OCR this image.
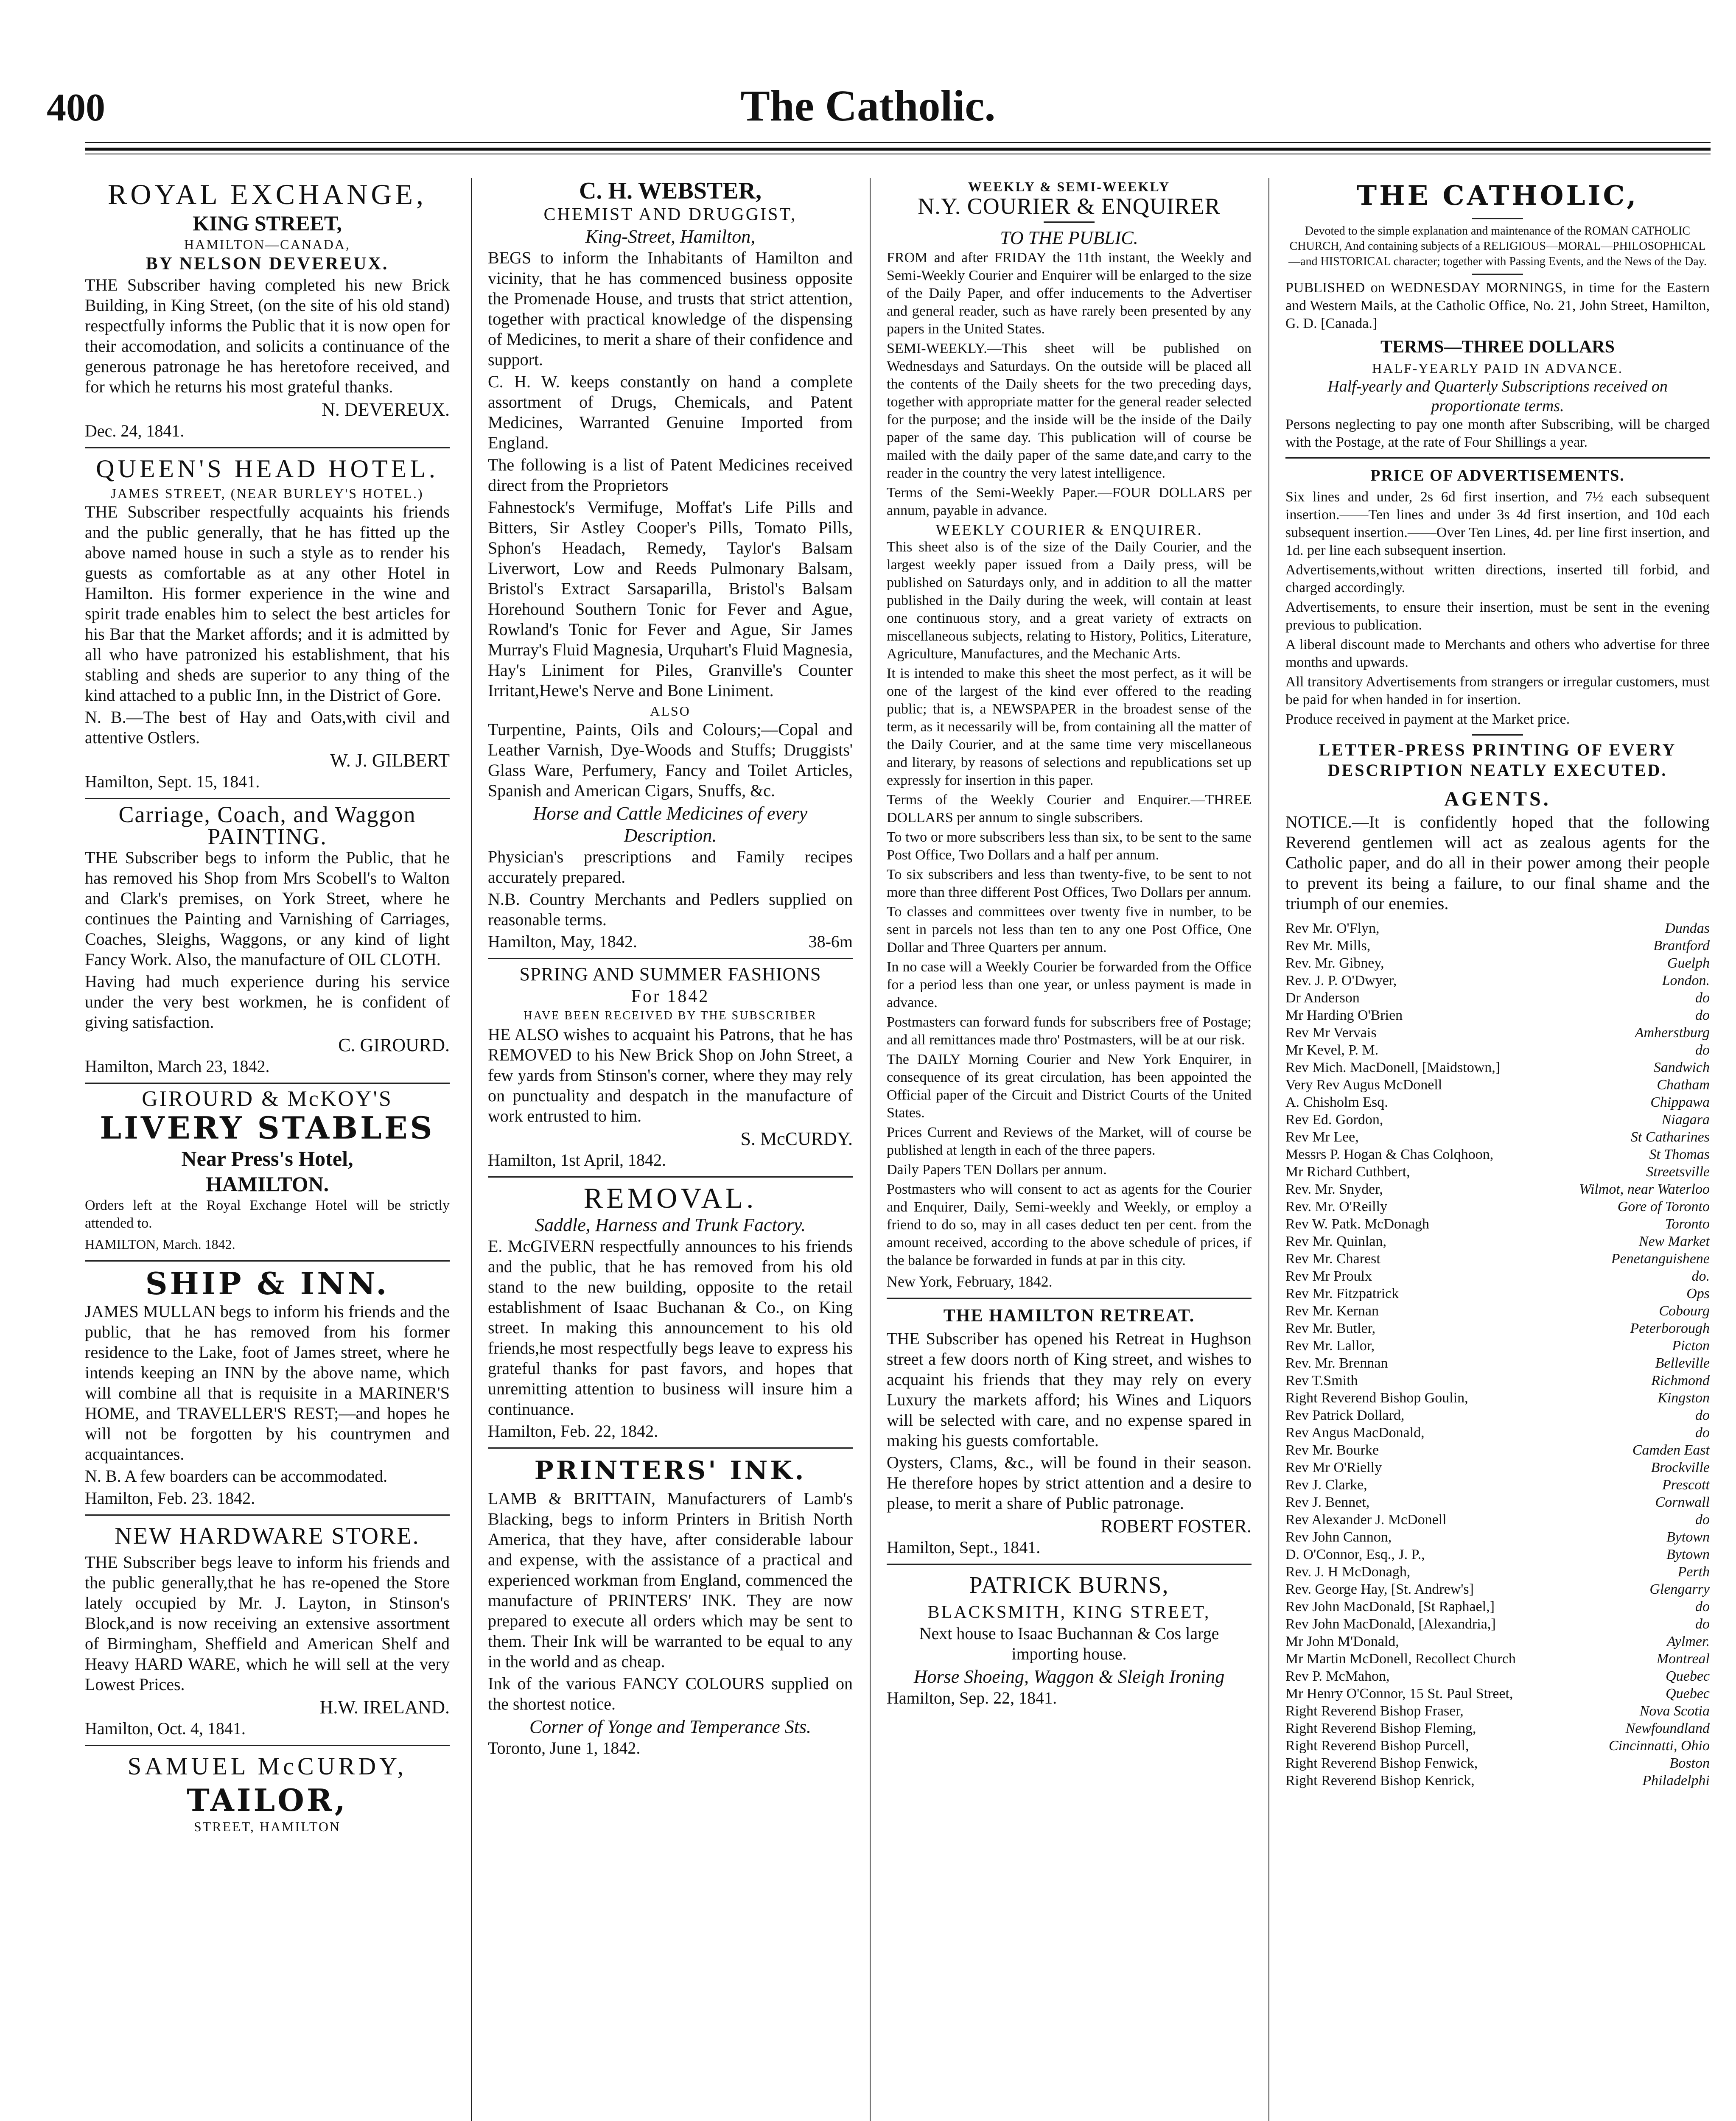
400	The Catholic.
ROYAL EXCHANGE,
KING STREET,
HAMILTON—CANADA,
BY NELSON DEVEREUX.

THE Subscriber having completed his new Brick Building, in King Street, (on the site of his old stand) respectfully informs the Public that it is now open for their accomodation, and solicits a continuance of the generous patronage he has heretofore received, and for which he returns his most grateful thanks.

N. DEVEREUX.
Dec. 24, 1841.
QUEEN'S HEAD HOTEL.
JAMES STREET, (NEAR BURLEY'S HOTEL.)

THE Subscriber respectfully acquaints his friends and the public generally, that he has fitted up the above named house in such a style as to render his guests as comfortable as at any other Hotel in Hamilton. His former experience in the wine and spirit trade enables him to select the best articles for his Bar that the Market affords; and it is admitted by all who have patronized his establishment, that his stabling and sheds are superior to any thing of the kind attached to a public Inn, in the District of Gore.

N. B.—The best of Hay and Oats,with civil and attentive Ostlers.

W. J. GILBERT
Hamilton, Sept. 15, 1841.
Carriage, Coach, and Waggon PAINTING.

THE Subscriber begs to inform the Public, that he has removed his Shop from Mrs Scobell's to Walton and Clark's premises, on York Street, where he continues the Painting and Varnishing of Carriages, Coaches, Sleighs, Waggons, or any kind of light Fancy Work. Also, the manufacture of OIL CLOTH.

Having had much experience during his service under the very best workmen, he is confident of giving satisfaction.

C. GIROURD.
Hamilton, March 23, 1842.
GIROURD & McKOY'S
LIVERY STABLES
Near Press's Hotel,
HAMILTON.

Orders left at the Royal Exchange Hotel will be strictly attended to.

HAMILTON, March. 1842.
SHIP & INN.

JAMES MULLAN begs to inform his friends and the public, that he has removed from his former residence to the Lake, foot of James street, where he intends keeping an INN by the above name, which will combine all that is requisite in a MARINER'S HOME, and TRAVELLER'S REST;—and hopes he will not be forgotten by his countrymen and acquaintances.

N. B. A few boarders can be accommodated.

Hamilton, Feb. 23. 1842.
NEW HARDWARE STORE.

THE Subscriber begs leave to inform his friends and the public generally,that he has re-opened the Store lately occupied by Mr. J. Layton, in Stinson's Block,and is now receiving an extensive assortment of Birmingham, Sheffield and American Shelf and Heavy HARD WARE, which he will sell at the very Lowest Prices.

H.W. IRELAND.
Hamilton, Oct. 4, 1841.
SAMUEL McCURDY,
TAILOR,
STREET, HAMILTON
C. H. WEBSTER,
CHEMIST AND DRUGGIST,
King-Street, Hamilton,

BEGS to inform the Inhabitants of Hamilton and vicinity, that he has commenced business opposite the Promenade House, and trusts that strict attention, together with practical knowledge of the dispensing of Medicines, to merit a share of their confidence and support.

C. H. W. keeps constantly on hand a complete assortment of Drugs, Chemicals, and Patent Medicines, Warranted Genuine Imported from England.

The following is a list of Patent Medicines received direct from the Proprietors

Fahnestock's Vermifuge, Moffat's Life Pills and Bitters, Sir Astley Cooper's Pills, Tomato Pills, Sphon's Headach, Remedy, Taylor's Balsam Liverwort, Low and Reeds Pulmonary Balsam, Bristol's Extract Sarsaparilla, Bristol's Balsam Horehound Southern Tonic for Fever and Ague, Rowland's Tonic for Fever and Ague, Sir James Murray's Fluid Magnesia, Urquhart's Fluid Magnesia, Hay's Liniment for Piles, Granville's Counter Irritant,Hewe's Nerve and Bone Liniment.

ALSO

Turpentine, Paints, Oils and Colours;—Copal and Leather Varnish, Dye-Woods and Stuffs; Druggists' Glass Ware, Perfumery, Fancy and Toilet Articles, Spanish and American Cigars, Snuffs, &c.

Horse and Cattle Medicines of every Description.

Physician's prescriptions and Family recipes accurately prepared.

N.B. Country Merchants and Pedlers supplied on reasonable terms.

Hamilton, May, 1842.	38-6m
SPRING AND SUMMER FASHIONS
For 1842
HAVE BEEN RECEIVED BY THE SUBSCRIBER

HE ALSO wishes to acquaint his Patrons, that he has REMOVED to his New Brick Shop on John Street, a few yards from Stinson's corner, where they may rely on punctuality and despatch in the manufacture of work entrusted to him.

S. McCURDY.
Hamilton, 1st April, 1842.
REMOVAL.
Saddle, Harness and Trunk Factory.

E. McGIVERN respectfully announces to his friends and the public, that he has removed from his old stand to the new building, opposite to the retail establishment of Isaac Buchanan & Co., on King street. In making this announcement to his old friends,he most respectfully begs leave to express his grateful thanks for past favors, and hopes that unremitting attention to business will insure him a continuance.

Hamilton, Feb. 22, 1842.
PRINTERS' INK.

LAMB & BRITTAIN, Manufacturers of Lamb's Blacking, begs to inform Printers in British North America, that they have, after considerable labour and expense, with the assistance of a practical and experienced workman from England, commenced the manufacture of PRINTERS' INK. They are now prepared to execute all orders which may be sent to them. Their Ink will be warranted to be equal to any in the world and as cheap.

Ink of the various FANCY COLOURS supplied on the shortest notice.

Corner of Yonge and Temperance Sts.
Toronto, June 1, 1842.
WEEKLY & SEMI-WEEKLY
N.Y. COURIER & ENQUIRER
TO THE PUBLIC.

FROM and after FRIDAY the 11th instant, the Weekly and Semi-Weekly Courier and Enquirer will be enlarged to the size of the Daily Paper, and offer inducements to the Advertiser and general reader, such as have rarely been presented by any papers in the United States.

SEMI-WEEKLY.—This sheet will be published on Wednesdays and Saturdays. On the outside will be placed all the contents of the Daily sheets for the two preceding days, together with appropriate matter for the general reader selected for the purpose; and the inside will be the inside of the Daily paper of the same day. This publication will of course be mailed with the daily paper of the same date,and carry to the reader in the country the very latest intelligence.

Terms of the Semi-Weekly Paper.—FOUR DOLLARS per annum, payable in advance.

WEEKLY COURIER & ENQUIRER.

This sheet also is of the size of the Daily Courier, and the largest weekly paper issued from a Daily press, will be published on Saturdays only, and in addition to all the matter published in the Daily during the week, will contain at least one continuous story, and a great variety of extracts on miscellaneous subjects, relating to History, Politics, Literature, Agriculture, Manufactures, and the Mechanic Arts.

It is intended to make this sheet the most perfect, as it will be one of the largest of the kind ever offered to the reading public; that is, a NEWSPAPER in the broadest sense of the term, as it necessarily will be, from containing all the matter of the Daily Courier, and at the same time very miscellaneous and literary, by reasons of selections and republications set up expressly for insertion in this paper.

Terms of the Weekly Courier and Enquirer.—THREE DOLLARS per annum to single subscribers.

To two or more subscribers less than six, to be sent to the same Post Office, Two Dollars and a half per annum.

To six subscribers and less than twenty-five, to be sent to not more than three different Post Offices, Two Dollars per annum.

To classes and committees over twenty five in number, to be sent in parcels not less than ten to any one Post Office, One Dollar and Three Quarters per annum.

In no case will a Weekly Courier be forwarded from the Office for a period less than one year, or unless payment is made in advance.

Postmasters can forward funds for subscribers free of Postage; and all remittances made thro' Postmasters, will be at our risk.

The DAILY Morning Courier and New York Enquirer, in consequence of its great circulation, has been appointed the Official paper of the Circuit and District Courts of the United States.

Prices Current and Reviews of the Market, will of course be published at length in each of the three papers.

Daily Papers TEN Dollars per annum.

Postmasters who will consent to act as agents for the Courier and Enquirer, Daily, Semi-weekly and Weekly, or employ a friend to do so, may in all cases deduct ten per cent. from the amount received, according to the above schedule of prices, if the balance be forwarded in funds at par in this city.

New York, February, 1842.
THE HAMILTON RETREAT.

THE Subscriber has opened his Retreat in Hughson street a few doors north of King street, and wishes to acquaint his friends that they may rely on every Luxury the markets afford; his Wines and Liquors will be selected with care, and no expense spared in making his guests comfortable.

Oysters, Clams, &c., will be found in their season. He therefore hopes by strict attention and a desire to please, to merit a share of Public patronage.

ROBERT FOSTER.
Hamilton, Sept., 1841.
PATRICK BURNS,
BLACKSMITH, KING STREET,

Next house to Isaac Buchannan & Cos large importing house.

Horse Shoeing, Waggon & Sleigh Ironing
Hamilton, Sep. 22, 1841.
THE CATHOLIC,

Devoted to the simple explanation and maintenance of the ROMAN CATHOLIC CHURCH, And containing subjects of a RELIGIOUS—MORAL—PHILOSOPHICAL—and HISTORICAL character; together with Passing Events, and the News of the Day.

PUBLISHED on WEDNESDAY MORNINGS, in time for the Eastern and Western Mails, at the Catholic Office, No. 21, John Street, Hamilton, G. D. [Canada.]

TERMS—THREE DOLLARS
HALF-YEARLY PAID IN ADVANCE.
Half-yearly and Quarterly Subscriptions received on proportionate terms.

Persons neglecting to pay one month after Subscribing, will be charged with the Postage, at the rate of Four Shillings a year.

PRICE OF ADVERTISEMENTS.

Six lines and under, 2s 6d first insertion, and 7½ each subsequent insertion.——Ten lines and under 3s 4d first insertion, and 10d each subsequent insertion.——Over Ten Lines, 4d. per line first insertion, and 1d. per line each subsequent insertion.

Advertisements,without written directions, inserted till forbid, and charged accordingly.

Advertisements, to ensure their insertion, must be sent in the evening previous to publication.

A liberal discount made to Merchants and others who advertise for three months and upwards.

All transitory Advertisements from strangers or irregular customers, must be paid for when handed in for insertion.

Produce received in payment at the Market price.

LETTER-PRESS PRINTING OF EVERY DESCRIPTION NEATLY EXECUTED.
AGENTS.

NOTICE.—It is confidently hoped that the following Reverend gentlemen will act as zealous agents for the Catholic paper, and do all in their power among their people to prevent its being a failure, to our final shame and the triumph of our enemies.

Rev Mr. O'Flyn,	Dundas
Rev Mr. Mills,	Brantford
Rev. Mr. Gibney,	Guelph
Rev. J. P. O'Dwyer,	London.
Dr Anderson	do
Mr Harding O'Brien	do
Rev Mr Vervais	Amherstburg
Mr Kevel, P. M.	do
Rev Mich. MacDonell, [Maidstown,]	Sandwich
Very Rev Augus McDonell	Chatham
A. Chisholm Esq.	Chippawa
Rev Ed. Gordon,	Niagara
Rev Mr Lee,	St Catharines
Messrs P. Hogan & Chas Colqhoon,	St Thomas
Mr Richard Cuthbert,	Streetsville
Rev. Mr. Snyder,	Wilmot, near Waterloo
Rev. Mr. O'Reilly	Gore of Toronto
Rev W. Patk. McDonagh	Toronto
Rev Mr. Quinlan,	New Market
Rev Mr. Charest	Penetanguishene
Rev Mr Proulx	do.
Rev Mr. Fitzpatrick	Ops
Rev Mr. Kernan	Cobourg
Rev Mr. Butler,	Peterborough
Rev Mr. Lallor,	Picton
Rev. Mr. Brennan	Belleville
Rev T.Smith	Richmond
Right Reverend Bishop Goulin,	Kingston
Rev Patrick Dollard,	do
Rev Angus MacDonald,	do
Rev Mr. Bourke	Camden East
Rev Mr O'Rielly	Brockville
Rev J. Clarke,	Prescott
Rev J. Bennet,	Cornwall
Rev Alexander J. McDonell	do
Rev John Cannon,	Bytown
D. O'Connor, Esq., J. P.,	Bytown
Rev. J. H McDonagh,	Perth
Rev. George Hay, [St. Andrew's]	Glengarry
Rev John MacDonald, [St Raphael,]	do
Rev John MacDonald, [Alexandria,]	do
Mr John M'Donald,	Aylmer.
Mr Martin McDonell, Recollect Church	Montreal
Rev P. McMahon,	Quebec
Mr Henry O'Connor, 15 St. Paul Street,	Quebec
Right Reverend Bishop Fraser,	Nova Scotia
Right Reverend Bishop Fleming,	Newfoundland
Right Reverend Bishop Purcell,	Cincinnatti, Ohio
Right Reverend Bishop Fenwick,	Boston
Right Reverend Bishop Kenrick,	Philadelphi
